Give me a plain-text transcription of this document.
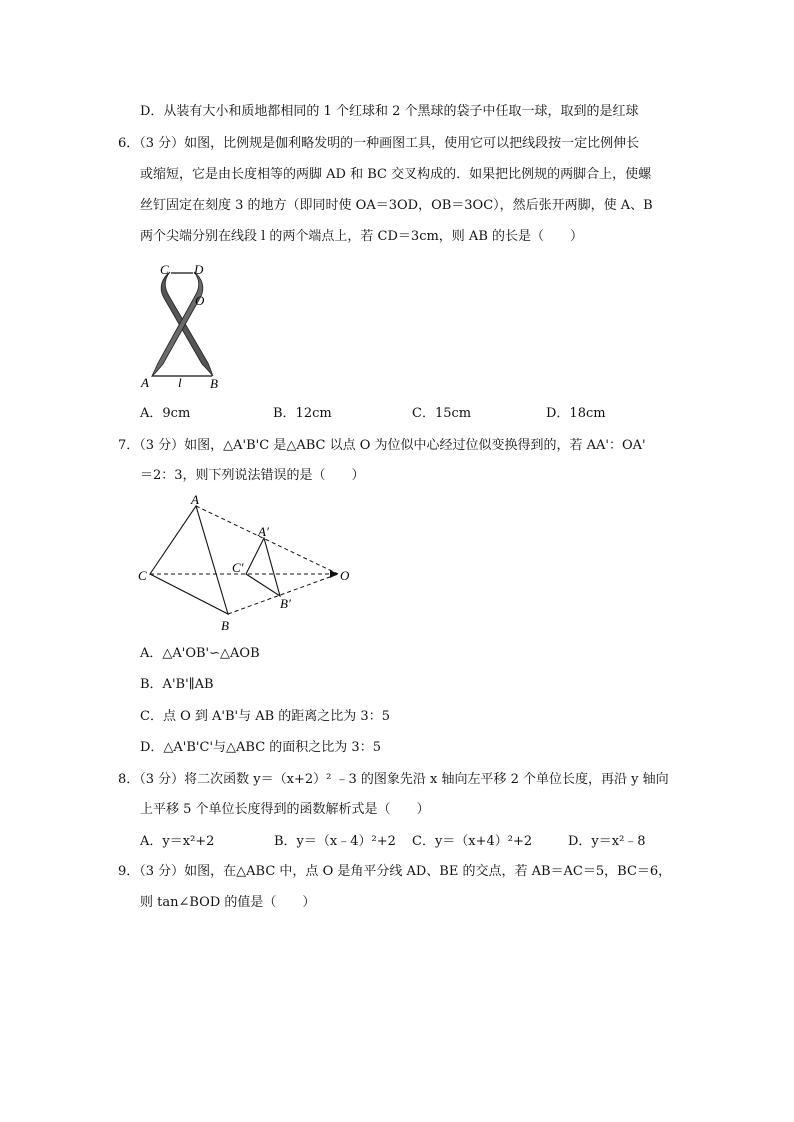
D．从装有大小和质地都相同的 1 个红球和 2 个黑球的袋子中任取一球，取到的是红球
6．（3 分）如图，比例规是伽利略发明的一种画图工具，使用它可以把线段按一定比例伸长
或缩短，它是由长度相等的两脚 AD 和 BC 交叉构成的．如果把比例规的两脚合上，使螺
丝钉固定在刻度 3 的地方（即同时使 OA＝3OD，OB＝3OC），然后张开两脚，使 A、B
两个尖端分别在线段 l 的两个端点上，若 CD＝3cm，则 AB 的长是（　　）
C D
O
A l B
A．9cm	B．12cm	C．15cm	D．18cm
7．（3 分）如图，△A'B'C 是△ABC 以点 O 为位似中心经过位似变换得到的，若 AA'：OA'
＝2：3，则下列说法错误的是（　　）
A
A′
C
C′
O
B
B′
A．△A'OB'∽△AOB
B．A'B'∥AB
C．点 O 到 A'B'与 AB 的距离之比为 3：5
D．△A'B'C'与△ABC 的面积之比为 3：5
8．（3 分）将二次函数 y＝（x+2）² ﹣3 的图象先沿 x 轴向左平移 2 个单位长度，再沿 y 轴向
上平移 5 个单位长度得到的函数解析式是（　　）
A．y＝x²+2	B．y＝（x﹣4）²+2 C．y＝（x+4）²+2	D．y＝x²﹣8
9．（3 分）如图，在△ABC 中，点 O 是角平分线 AD、BE 的交点，若 AB＝AC＝5，BC＝6，
则 tan∠BOD 的值是（　　）
